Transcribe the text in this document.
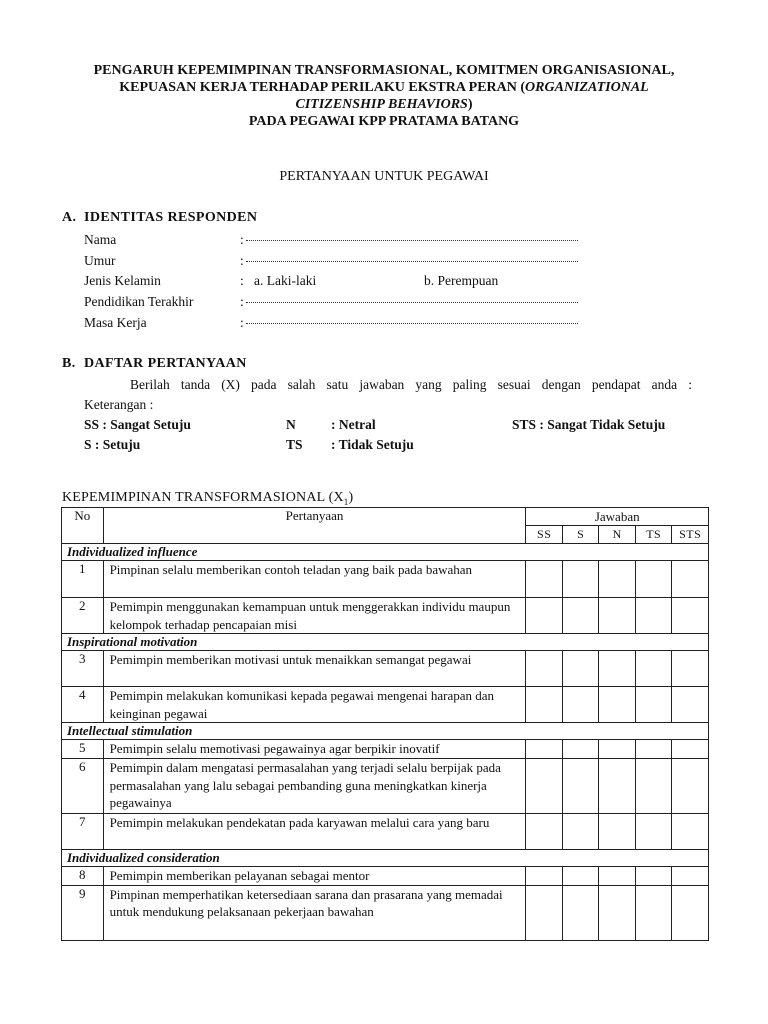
PENGARUH KEPEMIMPINAN TRANSFORMASIONAL, KOMITMEN ORGANISASIONAL,
KEPUASAN KERJA TERHADAP PERILAKU EKSTRA PERAN (ORGANIZATIONAL
CITIZENSHIP BEHAVIORS)
PADA PEGAWAI KPP PRATAMA BATANG
PERTANYAAN UNTUK PEGAWAI
A. IDENTITAS RESPONDEN
Nama	:
Umur	:
Jenis Kelamin	: a. Laki-laki	b. Perempuan
Pendidikan Terakhir	:
Masa Kerja	:
B. DAFTAR PERTANYAAN
Berilah tanda (X) pada salah satu jawaban yang paling sesuai dengan pendapat anda :
Keterangan :
SS : Sangat Setuju
S : Setuju
N	: Netral
TS : Tidak Setuju
STS : Sangat Tidak Setuju
KEPEMIMPINAN TRANSFORMASIONAL $(X_1)$
No	Pertanyaan	Jawaban				
		SS	S	N	TS	STS
Individualized influence						
1	Pimpinan selalu memberikan contoh teladan yang baik pada bawahan					
2	Pemimpin menggunakan kemampuan untuk menggerakkan individu maupun kelompok terhadap pencapaian misi					
Inspirational motivation						
3	Pemimpin memberikan motivasi untuk menaikkan semangat pegawai					
4	Pemimpin melakukan komunikasi kepada pegawai mengenai harapan dan keinginan pegawai					
Intellectual stimulation						
5	Pemimpin selalu memotivasi pegawainya agar berpikir inovatif					
6	Pemimpin dalam mengatasi permasalahan yang terjadi selalu berpijak pada permasalahan yang lalu sebagai pembanding guna meningkatkan kinerja pegawainya					
7	Pemimpin melakukan pendekatan pada karyawan melalui cara yang baru					
Individualized consideration						
8	Pemimpin memberikan pelayanan sebagai mentor					
9	Pimpinan memperhatikan ketersediaan sarana dan prasarana yang memadai untuk mendukung pelaksanaan pekerjaan bawahan					
